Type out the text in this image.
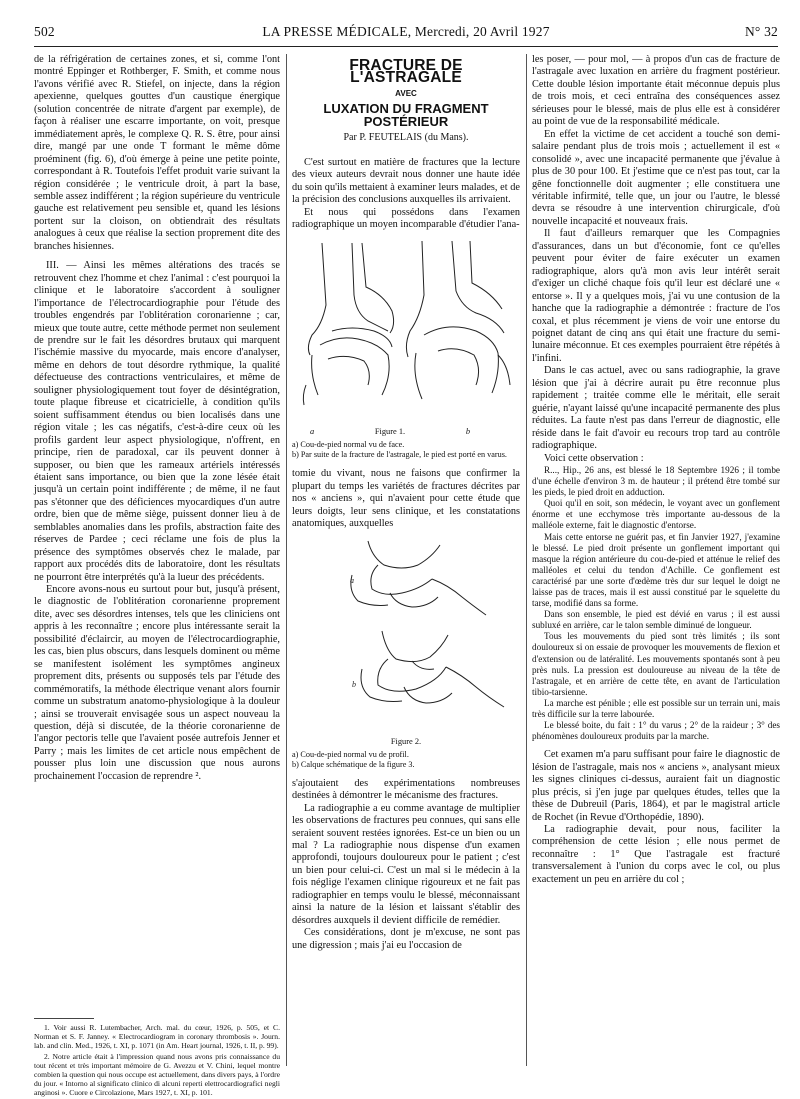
502	LA PRESSE MÉDICALE, Mercredi, 20 Avril 1927	N° 32

de la réfrigération de certaines zones, et si, comme l'ont montré Eppinger et Rothberger, F. Smith, et comme nous l'avons vérifié avec R. Stiefel, on injecte, dans la région apexienne, quelques gouttes d'un caustique énergique (solution concentrée de nitrate d'argent par exemple), de façon à réaliser une escarre importante, on voit, presque immédiatement après, le complexe Q. R. S. être, pour ainsi dire, mangé par une onde T formant le même dôme proéminent (fig. 6), d'où émerge à peine une petite pointe, correspondant à R. Toutefois l'effet produit varie suivant la région considérée ; le ventricule droit, à part la base, semble assez indifférent ; la région supérieure du ventricule gauche est relativement peu sensible et, quand les lésions portent sur la cloison, on obtiendrait des résultats analogues à ceux que réalise la section proprement dite des branches hisiennes.

III. — Ainsi les mêmes altérations des tracés se retrouvent chez l'homme et chez l'animal : c'est pourquoi la clinique et le laboratoire s'accordent à souligner l'importance de l'électrocardiographie pour l'étude des troubles engendrés par l'oblitération coronarienne ; car, mieux que toute autre, cette méthode permet non seulement de prendre sur le fait les désordres brutaux qui marquent l'ischémie massive du myocarde, mais encore d'analyser, même en dehors de tout désordre rythmique, la qualité défectueuse des contractions ventriculaires, et même de souligner physiologiquement tout foyer de désintégration, toute plaque fibreuse et cicatricielle, à condition qu'ils soient suffisamment étendus ou bien localisés dans une région vitale ; les cas négatifs, c'est-à-dire ceux où les profils gardent leur aspect physiologique, n'offrent, en principe, rien de paradoxal, car ils peuvent donner à supposer, ou bien que les rameaux artériels intéressés étaient sans importance, ou bien que la zone lésée était jusqu'à un certain point indifférente ; de même, il ne faut pas s'étonner que des déficiences myocardiques d'un autre ordre, bien que de même siège, puissent donner lieu à de semblables anomalies dans les profils, abstraction faite des réserves de Pardee ; ceci réclame une fois de plus la présence des symptômes observés chez le malade, par rapport aux procédés dits de laboratoire, dont les résultats ne pourront être interprétés qu'à la lueur des précédents.

Encore avons-nous eu surtout pour but, jusqu'à présent, le diagnostic de l'oblitération coronarienne proprement dite, avec ses désordres intenses, tels que les cliniciens ont appris à les reconnaître ; encore plus intéressante serait la possibilité d'éclaircir, au moyen de l'électrocardiographie, les cas, bien plus obscurs, dans lesquels dominent ou même se manifestent isolément les symptômes angineux proprement dits, présents ou supposés tels par l'étude des commémoratifs, la méthode électrique venant alors fournir comme un substratum anatomo-physiologique à la douleur ; ainsi se trouverait envisagée sous un aspect nouveau la question, déjà si discutée, de la théorie coronarienne de l'angor pectoris telle que l'avaient posée autrefois Jenner et Parry ; mais les limites de cet article nous empêchent de pousser plus loin une discussion que nous aurons prochainement l'occasion de reprendre ².

1. Voir aussi R. Lutembacher, Arch. mal. du cœur, 1926, p. 505, et C. Norman et S. F. Janney. « Electrocardiogram in coronary thrombosis ». Journ. lab. and clin. Med., 1926, t. XI, p. 1071 (in Am. Heart journal, 1926, t. II, p. 99).

2. Notre article était à l'impression quand nous avons pris connaissance du tout récent et très important mémoire de G. Avezzu et V. Chini, lequel montre combien la question qui nous occupe est actuellement, dans divers pays, à l'ordre du jour. « Intorno al significato clinico di alcuni reperti elettrocardiografici negli anginosi ». Cuore e Circolazione, Mars 1927, t. XI, p. 101.

FRACTURE DE L'ASTRAGALE
AVEC
LUXATION DU FRAGMENT POSTÉRIEUR
Par P. FEUTELAIS (du Mans).

C'est surtout en matière de fractures que la lecture des vieux auteurs devrait nous donner une haute idée du soin qu'ils mettaient à examiner leurs malades, et de la précision des conclusions auxquelles ils arrivaient.

Et nous qui possédons dans l'examen radiographique un moyen incomparable d'étudier l'ana-

a	Figure 1.	b
a) Cou-de-pied normal vu de face.
b) Par suite de la fracture de l'astragale, le pied est porté en varus.

tomie du vivant, nous ne faisons que confirmer la plupart du temps les variétés de fractures décrites par nos « anciens », qui n'avaient pour cette étude que leurs doigts, leur sens clinique, et les constatations anatomiques, auxquelles

a
b
Figure 2.
a) Cou-de-pied normal vu de profil.
b) Calque schématique de la figure 3.

s'ajoutaient des expérimentations nombreuses destinées à démontrer le mécanisme des fractures.

La radiographie a eu comme avantage de multiplier les observations de fractures peu connues, qui sans elle seraient souvent restées ignorées. Est-ce un bien ou un mal ? La radiographie nous dispense d'un examen approfondi, toujours douloureux pour le patient ; c'est un bien pour celui-ci. C'est un mal si le médecin à la fois néglige l'examen clinique rigoureux et ne fait pas radiographier en temps voulu le blessé, méconnaissant ainsi la nature de la lésion et laissant s'établir des désordres auxquels il devient difficile de remédier.

Ces considérations, dont je m'excuse, ne sont pas une digression ; mais j'ai eu l'occasion de

les poser, — pour mol, — à propos d'un cas de fracture de l'astragale avec luxation en arrière du fragment postérieur. Cette double lésion importante était méconnue depuis plus de trois mois, et ceci entraîna des conséquences assez sérieuses pour le blessé, mais de plus elle est à considérer au point de vue de la responsabilité médicale.

En effet la victime de cet accident a touché son demi-salaire pendant plus de trois mois ; actuellement il est « consolidé », avec une incapacité permanente que j'évalue à plus de 30 pour 100. Et j'estime que ce n'est pas tout, car la gêne fonctionnelle doit augmenter ; elle constituera une véritable infirmité, telle que, un jour ou l'autre, le blessé devra se résoudre à une intervention chirurgicale, d'où nouvelle incapacité et nouveaux frais.

Il faut d'ailleurs remarquer que les Compagnies d'assurances, dans un but d'économie, font ce qu'elles peuvent pour éviter de faire exécuter un examen radiographique, alors qu'à mon avis leur intérêt serait d'exiger un cliché chaque fois qu'il leur est déclaré une « entorse ». Il y a quelques mois, j'ai vu une contusion de la hanche que la radiographie a démontrée : fracture de l'os coxal, et plus récemment je viens de voir une entorse du poignet datant de cinq ans qui était une fracture du semi-lunaire méconnue. Et ces exemples pourraient être répétés à l'infini.

Dans le cas actuel, avec ou sans radiographie, la grave lésion que j'ai à décrire aurait pu être reconnue plus rapidement ; traitée comme elle le méritait, elle serait guérie, n'ayant laissé qu'une incapacité permanente des plus réduites. La faute n'est pas dans l'erreur de diagnostic, elle réside dans le fait d'avoir eu recours trop tard au contrôle radiographique.

Voici cette observation :

R..., Hip., 26 ans, est blessé le 18 Septembre 1926 ; il tombe d'une échelle d'environ 3 m. de hauteur ; il prétend être tombé sur les pieds, le pied droit en adduction.

Quoi qu'il en soit, son médecin, le voyant avec un gonflement énorme et une ecchymose très importante au-dessous de la malléole externe, fait le diagnostic d'entorse.

Mais cette entorse ne guérit pas, et fin Janvier 1927, j'examine le blessé. Le pied droit présente un gonflement important qui masque la région antérieure du cou-de-pied et atténue le relief des malléoles et celui du tendon d'Achille. Ce gonflement est caractérisé par une sorte d'œdème très dur sur lequel le doigt ne laisse pas de traces, mais il est aussi constitué par le squelette du tarse, modifié dans sa forme.

Dans son ensemble, le pied est dévié en varus ; il est aussi subluxé en arrière, car le talon semble diminué de longueur.

Tous les mouvements du pied sont très limités ; ils sont douloureux si on essaie de provoquer les mouvements de flexion et d'extension ou de latéralité. Les mouvements spontanés sont à peu près nuls. La pression est douloureuse au niveau de la tête de l'astragale, et en arrière de cette tête, en avant de l'articulation tibio-tarsienne.

La marche est pénible ; elle est possible sur un terrain uni, mais très difficile sur la terre labourée.

Le blessé boite, du fait : 1° du varus ; 2° de la raideur ; 3° des phénomènes douloureux produits par la marche.

Cet examen m'a paru suffisant pour faire le diagnostic de lésion de l'astragale, mais nos « anciens », analysant mieux les signes cliniques ci-dessus, auraient fait un diagnostic plus précis, si j'en juge par quelques études, telles que la thèse de Dubreuil (Paris, 1864), et par le magistral article de Rochet (in Revue d'Orthopédie, 1890).

La radiographie devait, pour nous, faciliter la compréhension de cette lésion ; elle nous permet de reconnaître : 1° Que l'astragale est fracturé transversalement à l'union du corps avec le col, ou plus exactement un peu en arrière du col ;
